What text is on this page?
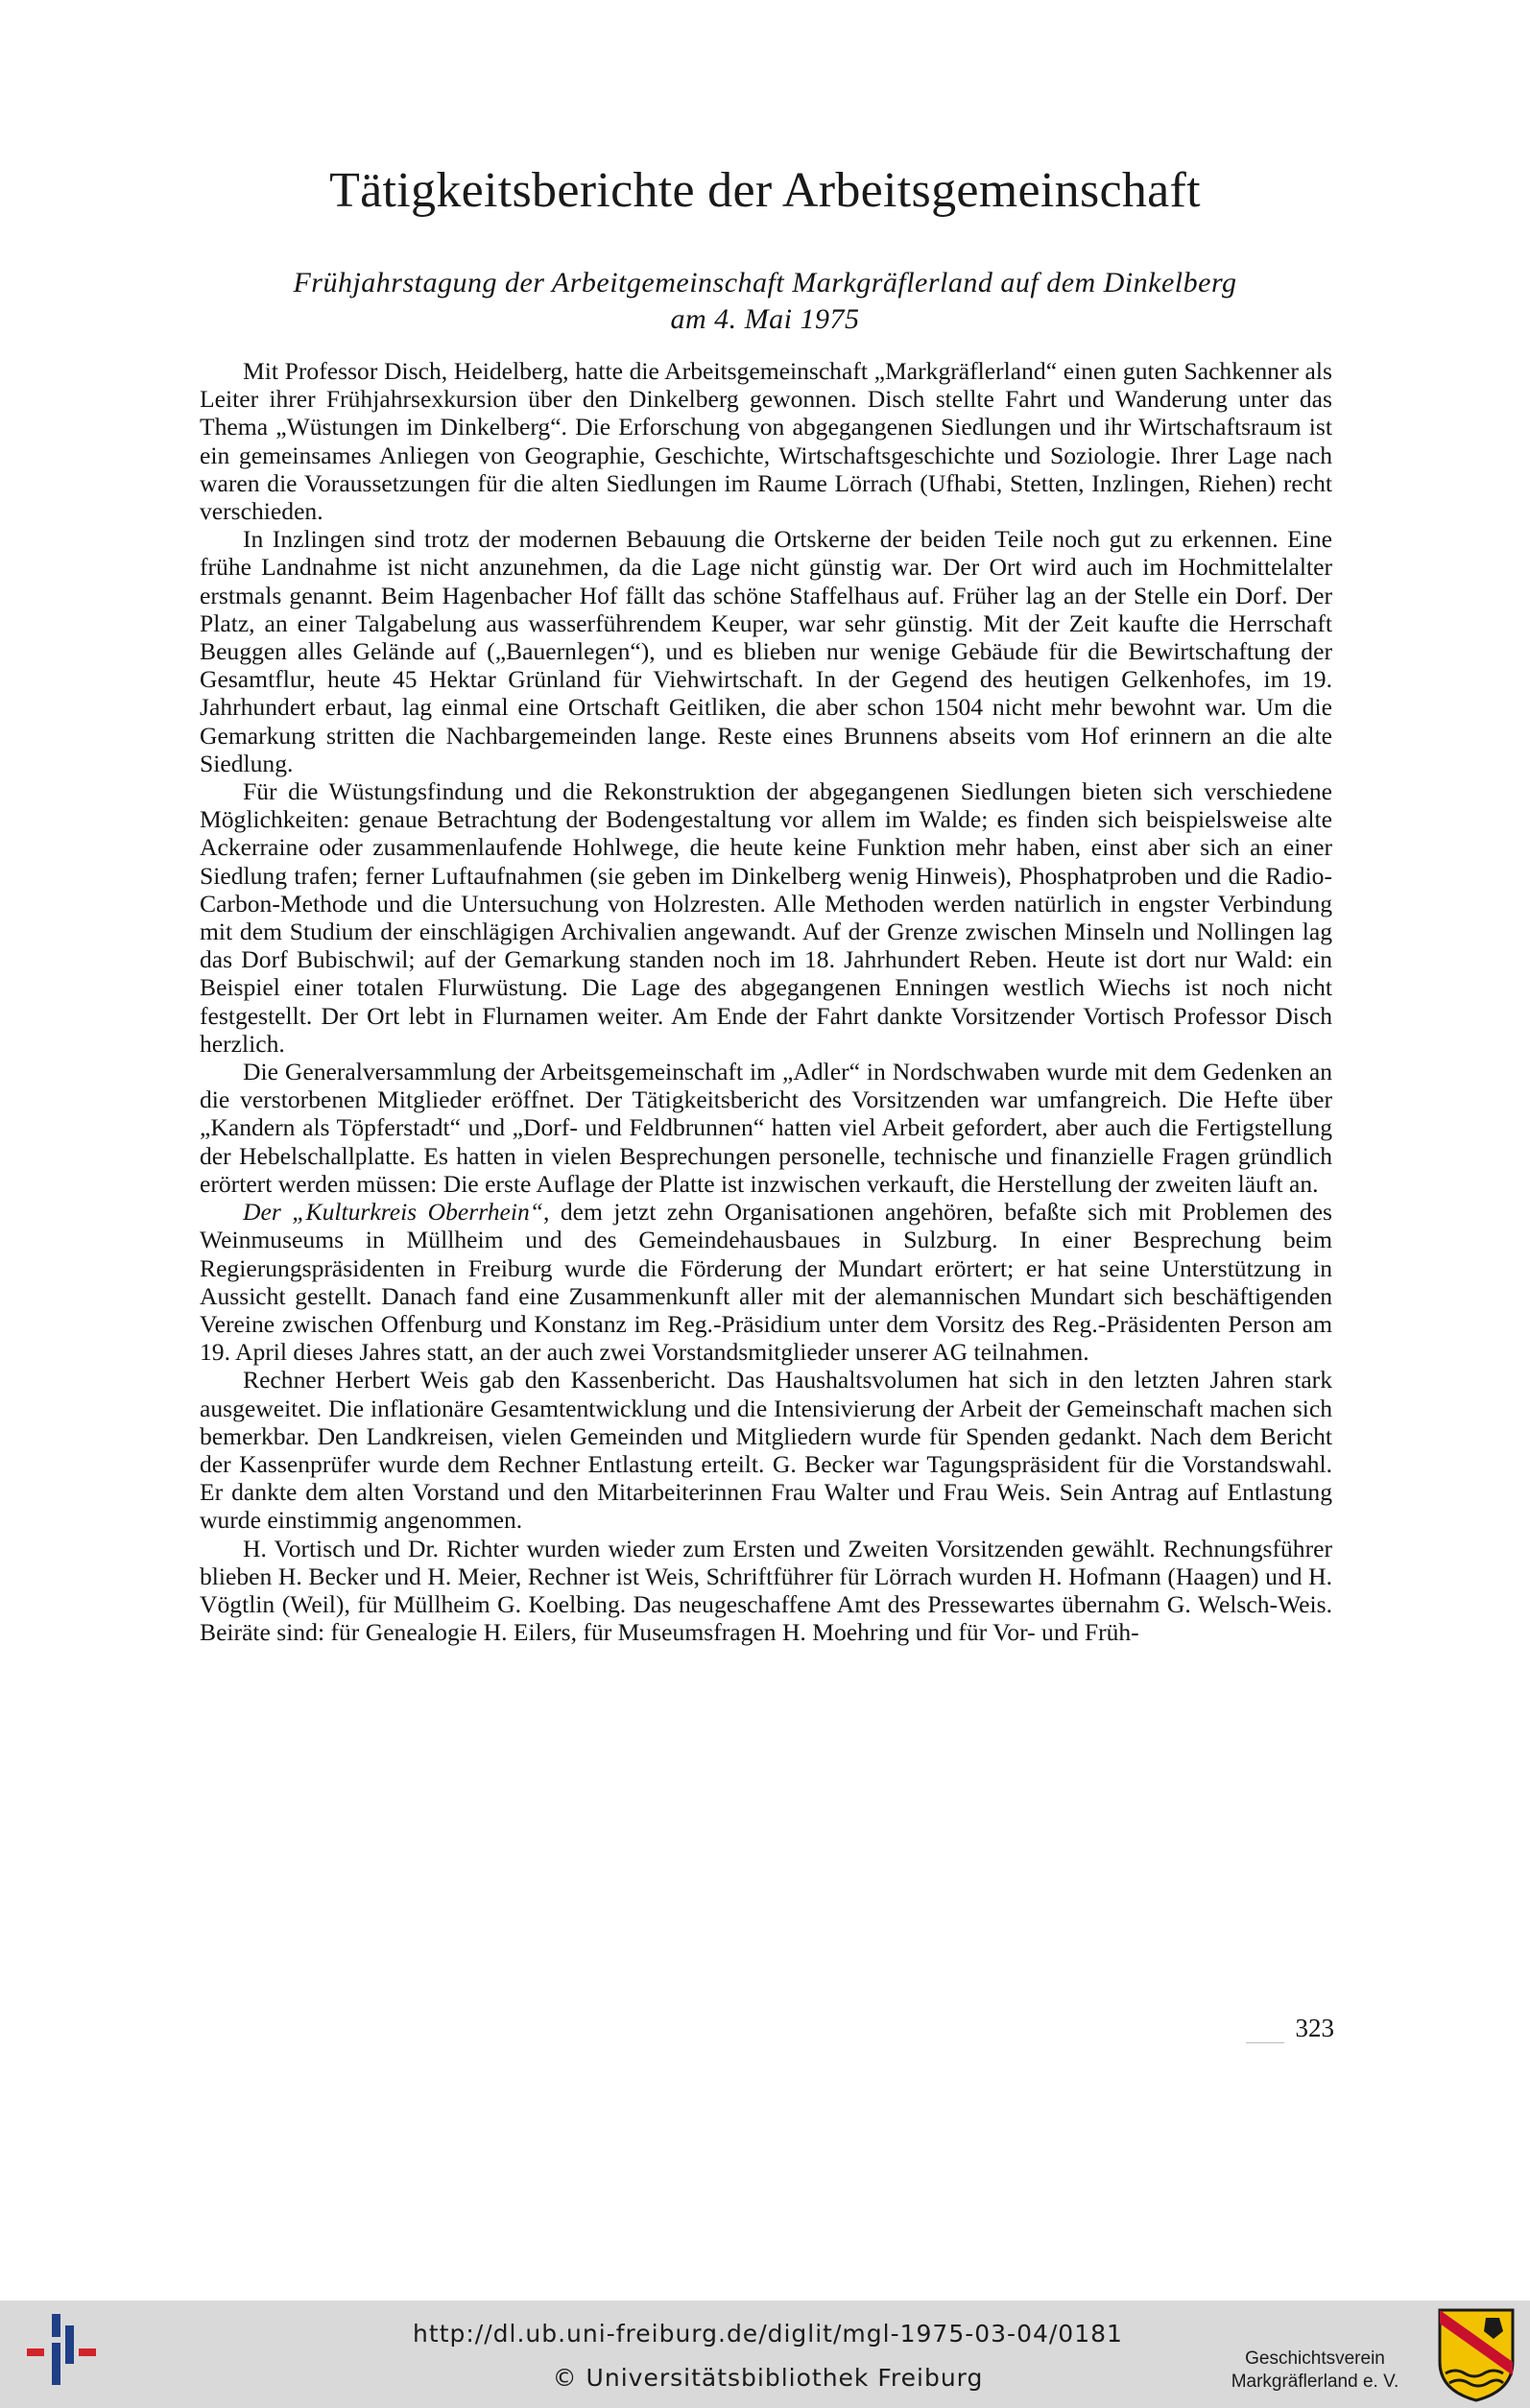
Tätigkeitsberichte der Arbeitsgemeinschaft
Frühjahrstagung der Arbeitgemeinschaft Markgräflerland auf dem Dinkelberg
am 4. Mai 1975

Mit Professor Disch, Heidelberg, hatte die Arbeitsgemeinschaft „Markgräflerland“ einen guten Sachkenner als Leiter ihrer Frühjahrsexkursion über den Dinkelberg gewonnen. Disch stellte Fahrt und Wanderung unter das Thema „Wüstungen im Dinkelberg“. Die Erforschung von abgegangenen Siedlungen und ihr Wirtschaftsraum ist ein gemeinsames Anliegen von Geographie, Geschichte, Wirtschaftsgeschichte und Soziologie. Ihrer Lage nach waren die Voraussetzungen für die alten Siedlungen im Raume Lörrach (Ufhabi, Stetten, Inzlingen, Riehen) recht verschieden.

In Inzlingen sind trotz der modernen Bebauung die Ortskerne der beiden Teile noch gut zu erkennen. Eine frühe Landnahme ist nicht anzunehmen, da die Lage nicht günstig war. Der Ort wird auch im Hochmittelalter erstmals genannt. Beim Hagenbacher Hof fällt das schöne Staffelhaus auf. Früher lag an der Stelle ein Dorf. Der Platz, an einer Talgabelung aus wasserführendem Keuper, war sehr günstig. Mit der Zeit kaufte die Herrschaft Beuggen alles Gelände auf („Bauernlegen“), und es blieben nur wenige Gebäude für die Bewirtschaftung der Gesamtflur, heute 45 Hektar Grünland für Viehwirtschaft. In der Gegend des heutigen Gelkenhofes, im 19. Jahrhundert erbaut, lag einmal eine Ortschaft Geitliken, die aber schon 1504 nicht mehr bewohnt war. Um die Gemarkung stritten die Nachbargemeinden lange. Reste eines Brunnens abseits vom Hof erinnern an die alte Siedlung.

Für die Wüstungsfindung und die Rekonstruktion der abgegangenen Siedlungen bieten sich verschiedene Möglichkeiten: genaue Betrachtung der Bodengestaltung vor allem im Walde; es finden sich beispielsweise alte Ackerraine oder zusammenlaufende Hohlwege, die heute keine Funktion mehr haben, einst aber sich an einer Siedlung trafen; ferner Luftaufnahmen (sie geben im Dinkelberg wenig Hinweis), Phosphatproben und die Radio-Carbon-Methode und die Untersuchung von Holzresten. Alle Methoden werden natürlich in engster Verbindung mit dem Studium der einschlägigen Archivalien angewandt. Auf der Grenze zwischen Minseln und Nollingen lag das Dorf Bubischwil; auf der Gemarkung standen noch im 18. Jahrhundert Reben. Heute ist dort nur Wald: ein Beispiel einer totalen Flurwüstung. Die Lage des abgegangenen Enningen westlich Wiechs ist noch nicht festgestellt. Der Ort lebt in Flurnamen weiter. Am Ende der Fahrt dankte Vorsitzender Vortisch Professor Disch herzlich.

Die Generalversammlung der Arbeitsgemeinschaft im „Adler“ in Nordschwaben wurde mit dem Gedenken an die verstorbenen Mitglieder eröffnet. Der Tätigkeitsbericht des Vorsitzenden war umfangreich. Die Hefte über „Kandern als Töpferstadt“ und „Dorf- und Feldbrunnen“ hatten viel Arbeit gefordert, aber auch die Fertigstellung der Hebelschallplatte. Es hatten in vielen Besprechungen personelle, technische und finanzielle Fragen gründlich erörtert werden müssen: Die erste Auflage der Platte ist inzwischen verkauft, die Herstellung der zweiten läuft an.

Der „Kulturkreis Oberrhein“, dem jetzt zehn Organisationen angehören, befaßte sich mit Problemen des Weinmuseums in Müllheim und des Gemeindehausbaues in Sulzburg. In einer Besprechung beim Regierungspräsidenten in Freiburg wurde die Förderung der Mundart erörtert; er hat seine Unterstützung in Aussicht gestellt. Danach fand eine Zusammenkunft aller mit der alemannischen Mundart sich beschäftigenden Vereine zwischen Offenburg und Konstanz im Reg.-Präsidium unter dem Vorsitz des Reg.-Präsidenten Person am 19. April dieses Jahres statt, an der auch zwei Vorstandsmitglieder unserer AG teilnahmen.

Rechner Herbert Weis gab den Kassenbericht. Das Haushaltsvolumen hat sich in den letzten Jahren stark ausgeweitet. Die inflationäre Gesamtentwicklung und die Intensivierung der Arbeit der Gemeinschaft machen sich bemerkbar. Den Landkreisen, vielen Gemeinden und Mitgliedern wurde für Spenden gedankt. Nach dem Bericht der Kassenprüfer wurde dem Rechner Entlastung erteilt. G. Becker war Tagungspräsident für die Vorstandswahl. Er dankte dem alten Vorstand und den Mitarbeiterinnen Frau Walter und Frau Weis. Sein Antrag auf Entlastung wurde einstimmig angenommen.

H. Vortisch und Dr. Richter wurden wieder zum Ersten und Zweiten Vorsitzenden gewählt. Rechnungsführer blieben H. Becker und H. Meier, Rechner ist Weis, Schriftführer für Lörrach wurden H. Hofmann (Haagen) und H. Vögtlin (Weil), für Müllheim G. Koelbing. Das neugeschaffene Amt des Pressewartes übernahm G. Welsch-Weis. Beiräte sind: für Genealogie H. Eilers, für Museumsfragen H. Moehring und für Vor- und Früh-

323
http://dl.ub.uni-freiburg.de/diglit/mgl-1975-03-04/0181
© Universitätsbibliothek Freiburg
Geschichtsverein
Markgräflerland e. V.
